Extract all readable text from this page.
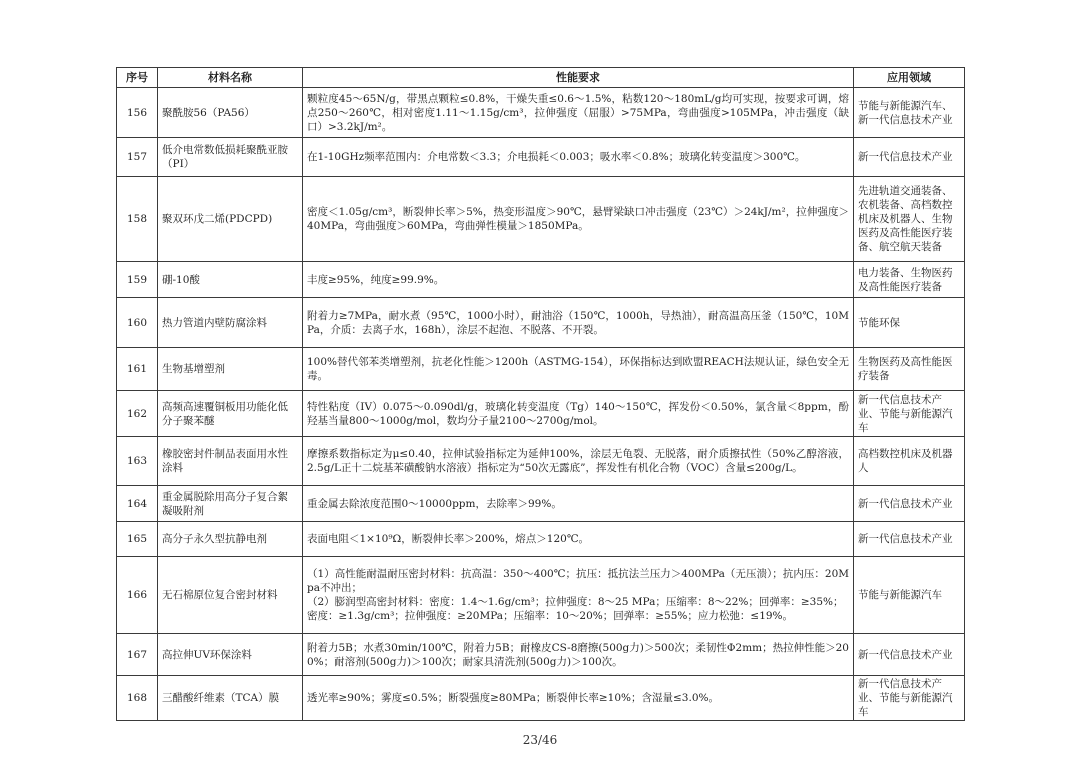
序号	材料名称	性能要求	应用领域
156	聚酰胺56（PA56）	颗粒度45～65N/g，带黑点颗粒≤0.8%，干燥失重≤0.6～1.5%，粘数120～180mL/g均可实现，按要求可调，熔点250～260℃，相对密度1.11～1.15g/cm³，拉伸强度（屈服）>75MPa，弯曲强度>105MPa，冲击强度（缺口）>3.2kJ/m²。	节能与新能源汽车、新一代信息技术产业
157	低介电常数低损耗聚酰亚胺（PI）	在1-10GHz频率范围内：介电常数＜3.3；介电损耗＜0.003；吸水率＜0.8%；玻璃化转变温度＞300℃。	新一代信息技术产业
158	聚双环戊二烯(PDCPD)	密度＜1.05g/cm³，断裂伸长率＞5%，热变形温度＞90℃，悬臂梁缺口冲击强度（23℃）＞24kJ/m²，拉伸强度＞40MPa，弯曲强度＞60MPa，弯曲弹性模量＞1850MPa。	先进轨道交通装备、农机装备、高档数控机床及机器人、生物医药及高性能医疗装备、航空航天装备
159	硼-10酸	丰度≥95%，纯度≥99.9%。	电力装备、生物医药及高性能医疗装备
160	热力管道内壁防腐涂料	附着力≥7MPa，耐水煮（95℃，1000小时），耐油浴（150℃，1000h，导热油），耐高温高压釜（150℃，10MPa，介质：去离子水，168h），涂层不起泡、不脱落、不开裂。	节能环保
161	生物基增塑剂	100%替代邻苯类增塑剂，抗老化性能＞1200h（ASTMG-154），环保指标达到欧盟REACH法规认证，绿色安全无毒。	生物医药及高性能医疗装备
162	高频高速覆铜板用功能化低分子聚苯醚	特性粘度（IV）0.075～0.090dl/g，玻璃化转变温度（Tg）140～150℃，挥发份＜0.50%，氯含量＜8ppm，酚羟基当量800～1000g/mol，数均分子量2100～2700g/mol。	新一代信息技术产业、节能与新能源汽车
163	橡胶密封件制品表面用水性涂料	摩擦系数指标定为μ≤0.40，拉伸试验指标定为延伸100%，涂层无龟裂、无脱落，耐介质擦拭性（50%乙醇溶液，2.5g/L正十二烷基苯磺酸钠水溶液）指标定为“50次无露底”，挥发性有机化合物（VOC）含量≤200g/L。	高档数控机床及机器人
164	重金属脱除用高分子复合絮凝吸附剂	重金属去除浓度范围0～10000ppm，去除率＞99%。	新一代信息技术产业
165	高分子永久型抗静电剂	表面电阻＜1×10⁹Ω，断裂伸长率＞200%，熔点＞120℃。	新一代信息技术产业
166	无石棉原位复合密封材料	（1）高性能耐温耐压密封材料：抗高温：350～400℃；抗压：抵抗法兰压力＞400MPa（无压溃）；抗内压：20Mpa不冲出；
（2）膨润型高密封材料：密度：1.4～1.6g/cm³；拉伸强度：8～25 MPa；压缩率：8～22%；回弹率：≥35%；
密度：≥1.3g/cm³；拉伸强度：≥20MPa；压缩率：10～20%；回弹率：≥55%；应力松弛：≤19%。	节能与新能源汽车
167	高拉伸UV环保涂料	附着力5B；水煮30min/100℃，附着力5B；耐橡皮CS-8磨擦(500g力)＞500次；柔韧性Φ2mm；热拉伸性能＞200%；耐溶剂(500g力)＞100次；耐家具清洗剂(500g力)＞100次。	新一代信息技术产业
168	三醋酸纤维素（TCA）膜	透光率≥90%；雾度≤0.5%；断裂强度≥80MPa；断裂伸长率≥10%；含湿量≤3.0%。	新一代信息技术产业、节能与新能源汽车
23/46
